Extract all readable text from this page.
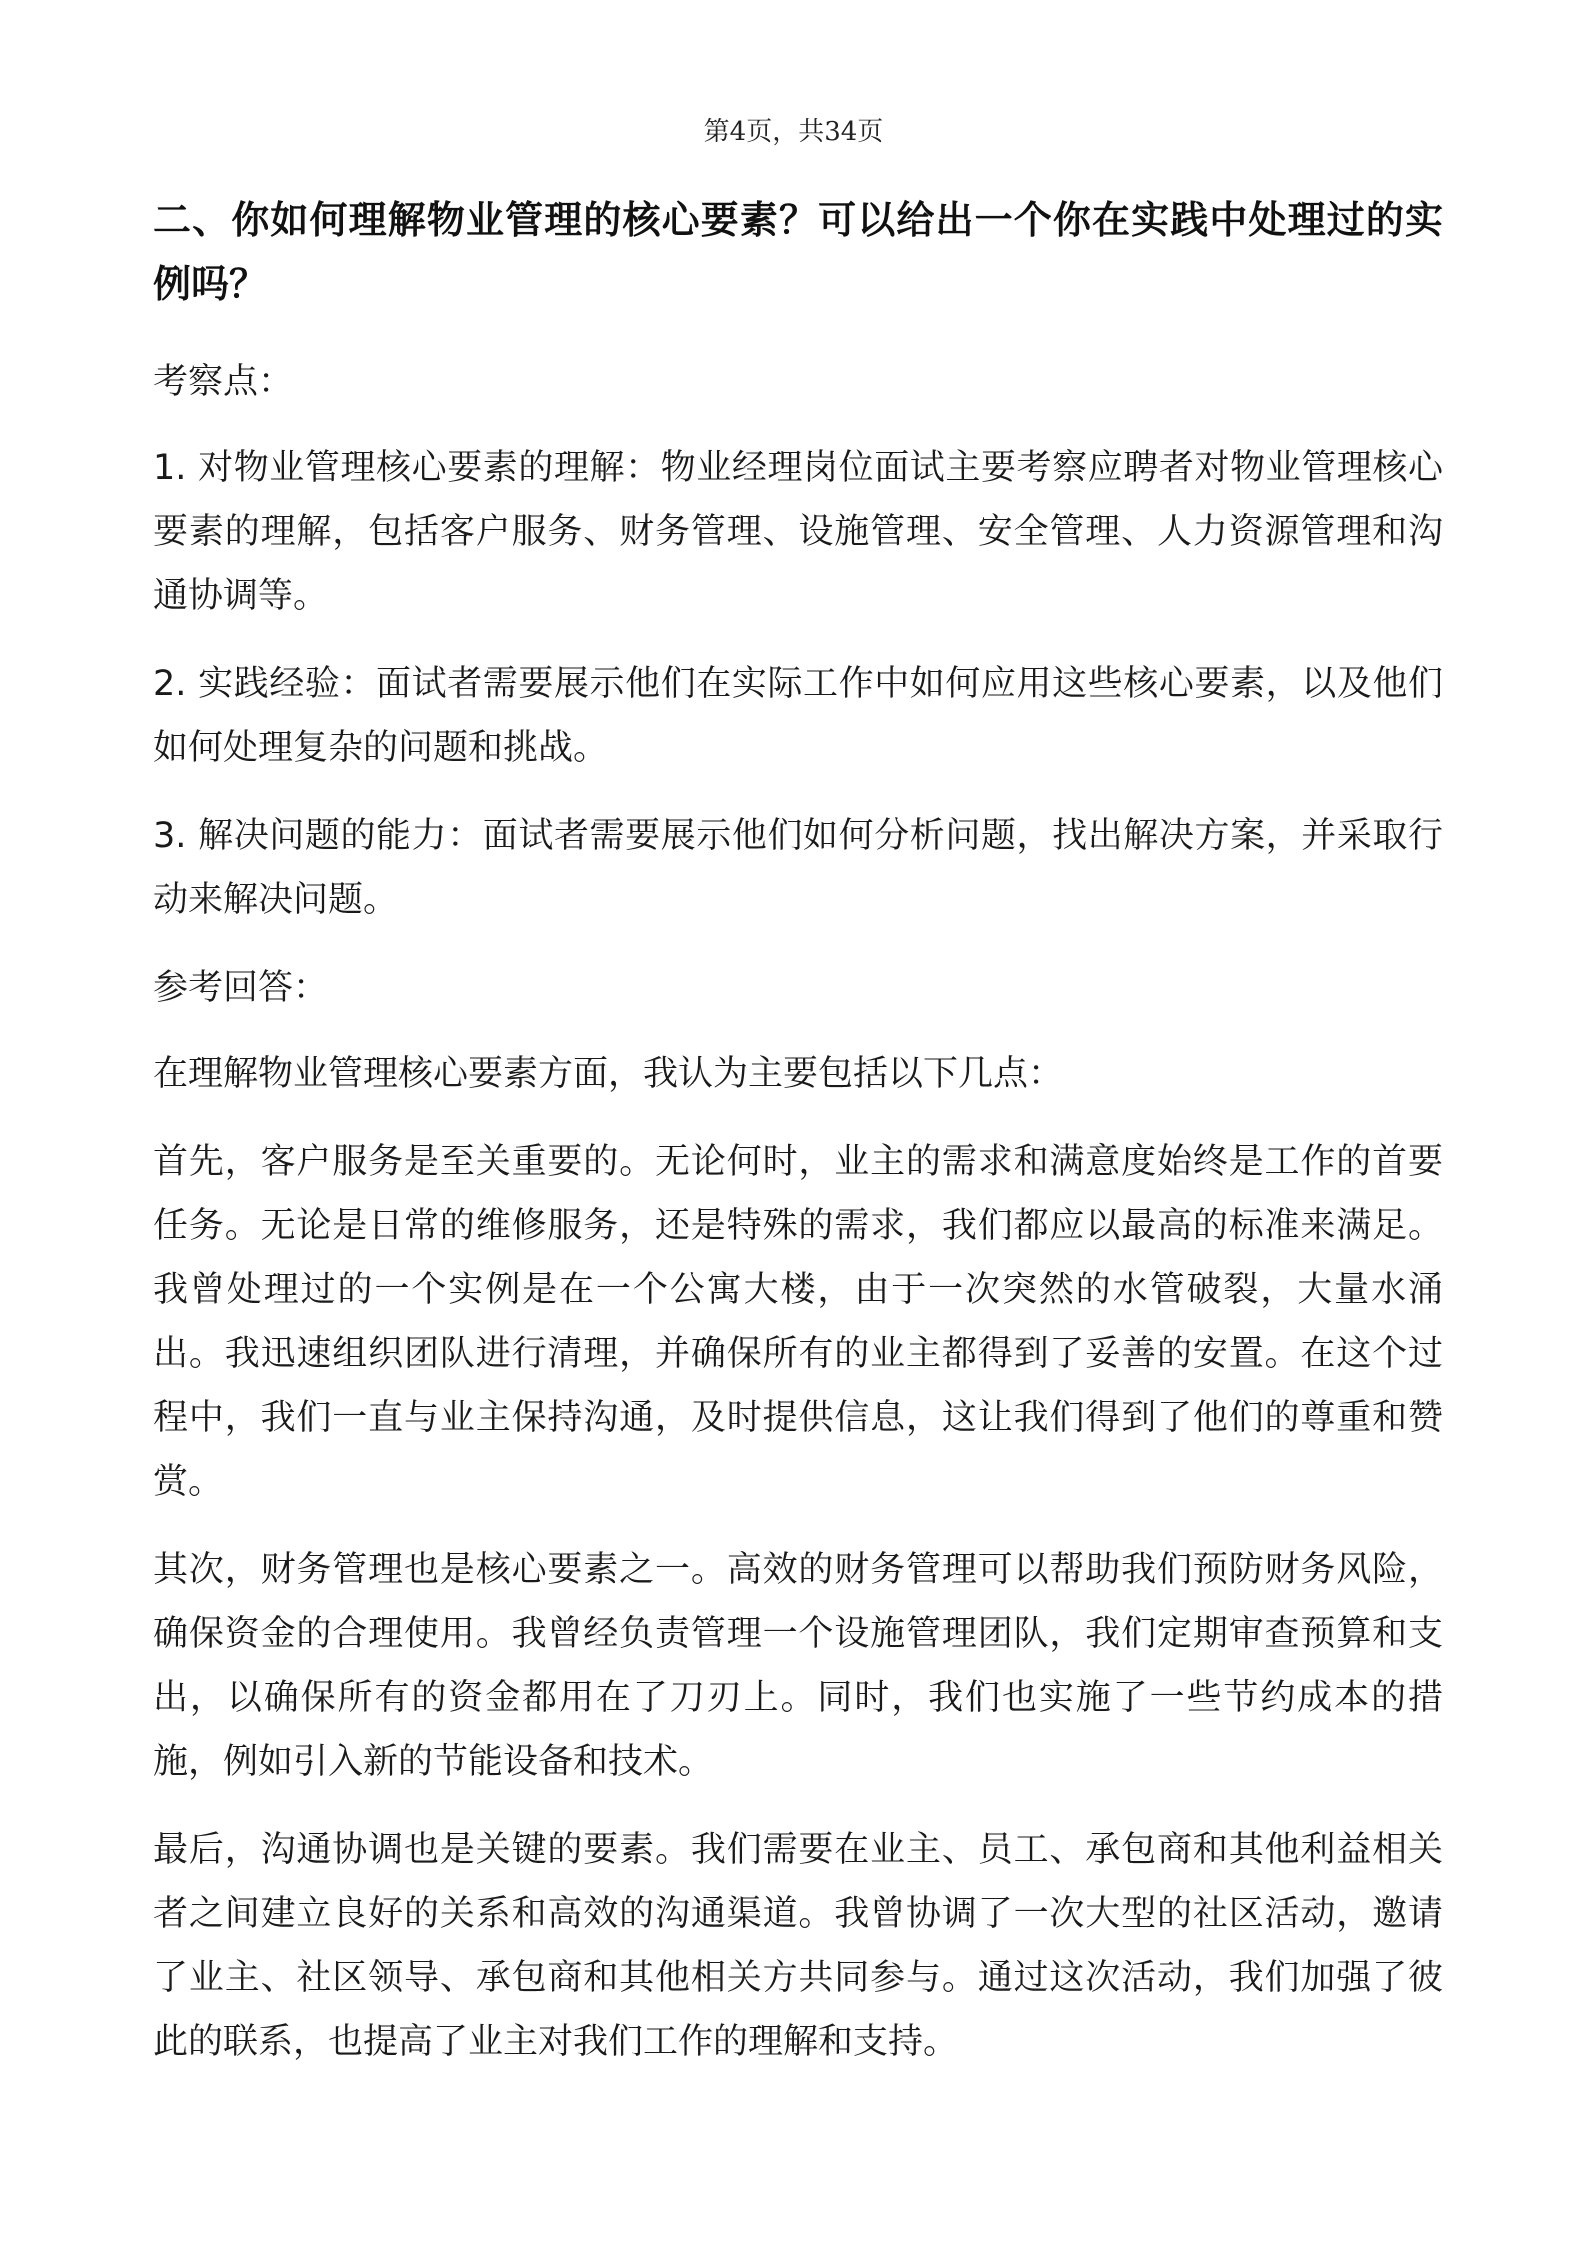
第4页，共34页
二、你如何理解物业管理的核心要素？可以给出一个你在实践中处理过的实例吗？

考察点：

1. 对物业管理核心要素的理解：物业经理岗位面试主要考察应聘者对物业管理核心要素的理解，包括客户服务、财务管理、设施管理、安全管理、人力资源管理和沟通协调等。

2. 实践经验：面试者需要展示他们在实际工作中如何应用这些核心要素，以及他们如何处理复杂的问题和挑战。

3. 解决问题的能力：面试者需要展示他们如何分析问题，找出解决方案，并采取行动来解决问题。

参考回答：

在理解物业管理核心要素方面，我认为主要包括以下几点：

首先，客户服务是至关重要的。无论何时，业主的需求和满意度始终是工作的首要任务。无论是日常的维修服务，还是特殊的需求，我们都应以最高的标准来满足。我曾处理过的一个实例是在一个公寓大楼，由于一次突然的水管破裂，大量水涌出。我迅速组织团队进行清理，并确保所有的业主都得到了妥善的安置。在这个过程中，我们一直与业主保持沟通，及时提供信息，这让我们得到了他们的尊重和赞赏。

其次，财务管理也是核心要素之一。高效的财务管理可以帮助我们预防财务风险，确保资金的合理使用。我曾经负责管理一个设施管理团队，我们定期审查预算和支出，以确保所有的资金都用在了刀刃上。同时，我们也实施了一些节约成本的措施，例如引入新的节能设备和技术。

最后，沟通协调也是关键的要素。我们需要在业主、员工、承包商和其他利益相关者之间建立良好的关系和高效的沟通渠道。我曾协调了一次大型的社区活动，邀请了业主、社区领导、承包商和其他相关方共同参与。通过这次活动，我们加强了彼此的联系，也提高了业主对我们工作的理解和支持。
